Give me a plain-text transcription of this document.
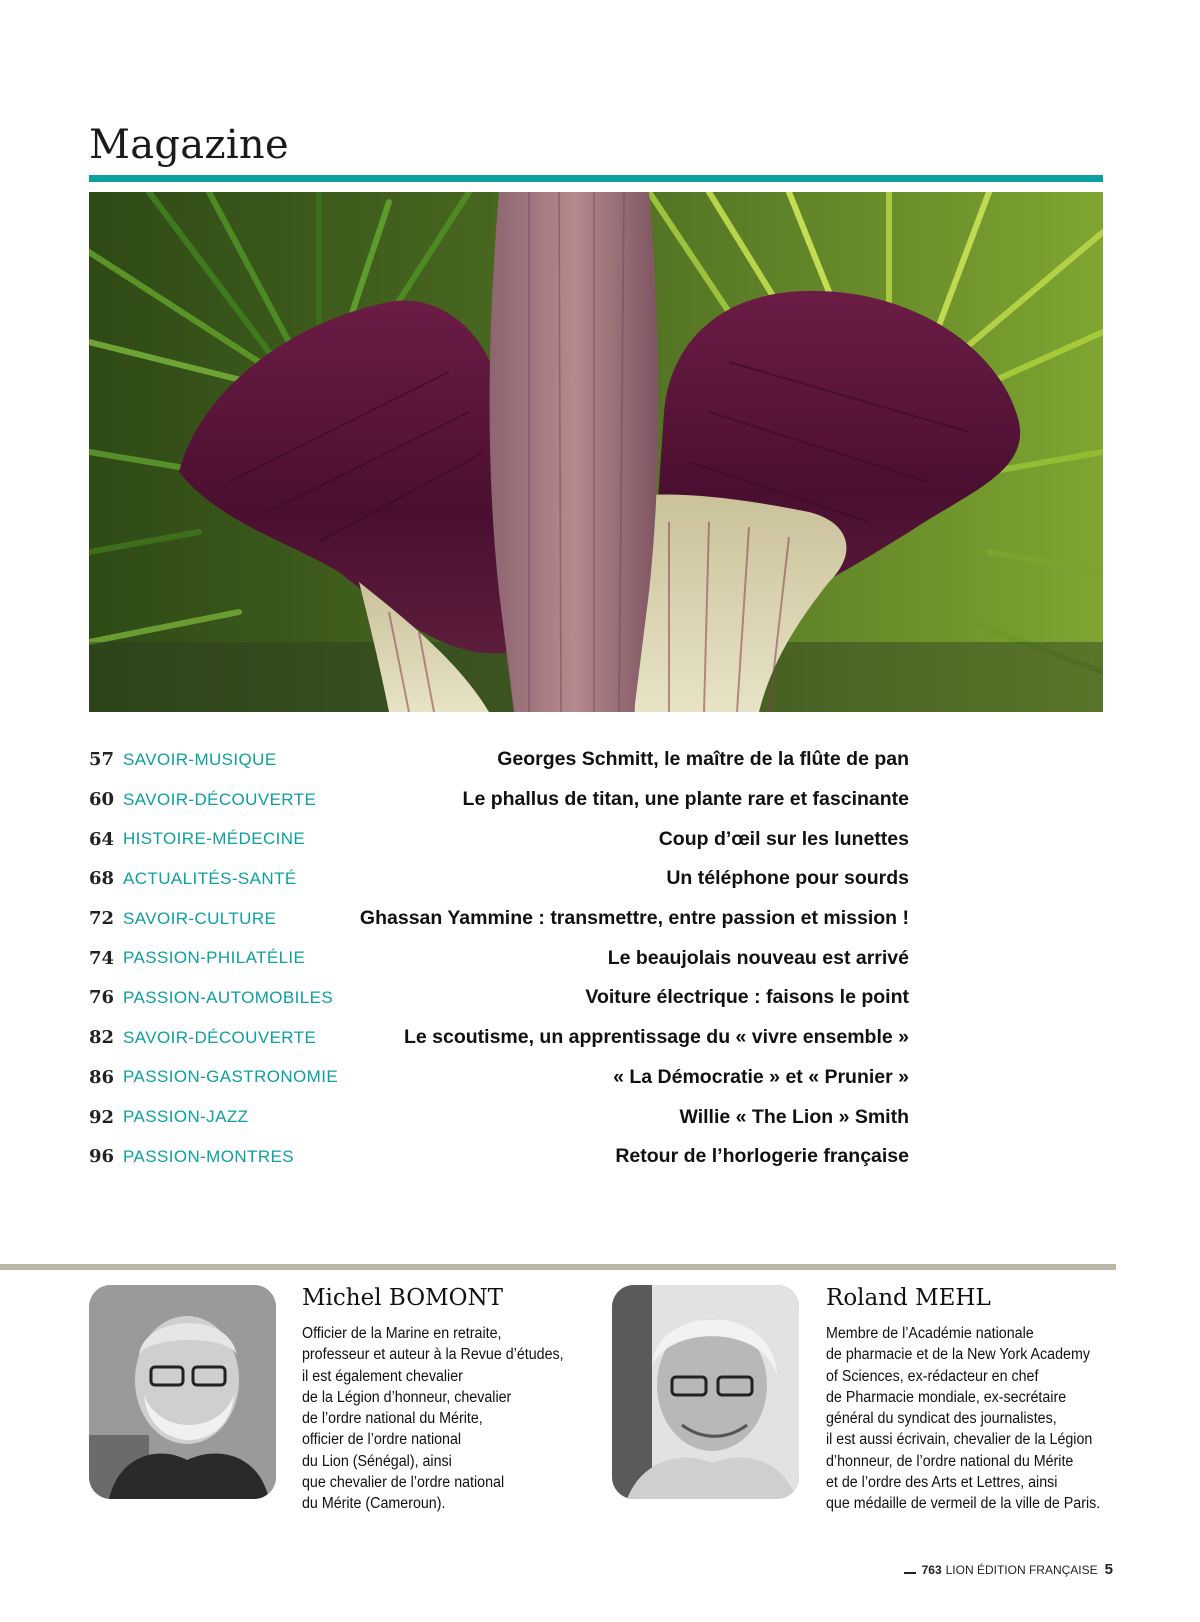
Magazine
57 SAVOIR-MUSIQUE	Georges Schmitt, le maître de la flûte de pan
60 SAVOIR-DÉCOUVERTE	Le phallus de titan, une plante rare et fascinante
64 HISTOIRE-MÉDECINE	Coup d’œil sur les lunettes
68 ACTUALITÉS-SANTÉ	Un téléphone pour sourds
72 SAVOIR-CULTURE	Ghassan Yammine : transmettre, entre passion et mission !
74 PASSION-PHILATÉLIE	Le beaujolais nouveau est arrivé
76 PASSION-AUTOMOBILES	Voiture électrique : faisons le point
82 SAVOIR-DÉCOUVERTE	Le scoutisme, un apprentissage du « vivre ensemble »
86 PASSION-GASTRONOMIE	« La Démocratie » et « Prunier »
92 PASSION-JAZZ	Willie « The Lion » Smith
96 PASSION-MONTRES	Retour de l’horlogerie française
Michel BOMONT
Officier de la Marine en retraite,
professeur et auteur à la Revue d’études,
il est également chevalier
de la Légion d’honneur, chevalier
de l’ordre national du Mérite,
officier de l’ordre national
du Lion (Sénégal), ainsi
que chevalier de l’ordre national
du Mérite (Cameroun).
Roland MEHL
Membre de l’Académie nationale
de pharmacie et de la New York Academy
of Sciences, ex-rédacteur en chef
de Pharmacie mondiale, ex-secrétaire
général du syndicat des journalistes,
il est aussi écrivain, chevalier de la Légion
d’honneur, de l’ordre national du Mérite
et de l’ordre des Arts et Lettres, ainsi
que médaille de vermeil de la ville de Paris.
763 LION ÉDITION FRANÇAISE 5
